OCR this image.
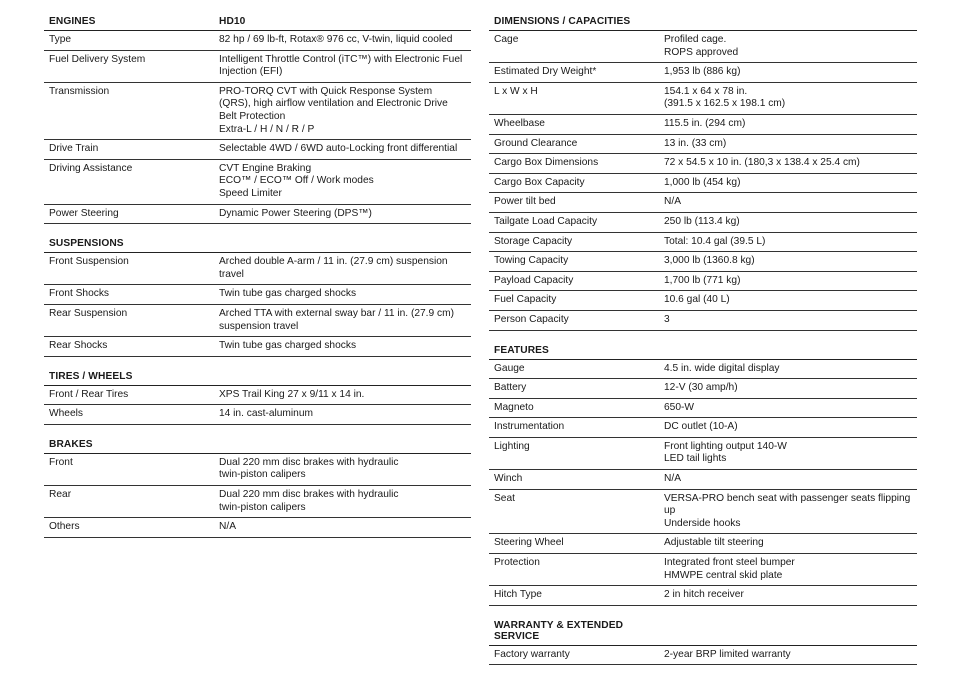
ENGINES	HD10
Type	82 hp / 69 lb-ft, Rotax® 976 cc, V-twin, liquid cooled
Fuel Delivery System	Intelligent Throttle Control (iTC™) with Electronic Fuel Injection (EFI)
Transmission	PRO-TORQ CVT with Quick Response System (QRS), high airflow ventilation and Electronic Drive Belt Protection
Extra-L / H / N / R / P
Drive Train	Selectable 4WD / 6WD auto-Locking front differential
Driving Assistance	CVT Engine Braking
ECO™ / ECO™ Off / Work modes
Speed Limiter
Power Steering	Dynamic Power Steering (DPS™)
SUSPENSIONS
Front Suspension	Arched double A-arm / 11 in. (27.9 cm) suspension travel
Front Shocks	Twin tube gas charged shocks
Rear Suspension	Arched TTA with external sway bar / 11 in. (27.9 cm) suspension travel
Rear Shocks	Twin tube gas charged shocks
TIRES / WHEELS
Front / Rear Tires	XPS Trail King 27 x 9/11 x 14 in.
Wheels	14 in. cast-aluminum
BRAKES
Front	Dual 220 mm disc brakes with hydraulic
twin-piston calipers
Rear	Dual 220 mm disc brakes with hydraulic
twin-piston calipers
Others	N/A
DIMENSIONS / CAPACITIES
Cage	Profiled cage.
ROPS approved
Estimated Dry Weight*	1,953 lb (886 kg)
L x W x H	154.1 x 64 x 78 in.
(391.5 x 162.5 x 198.1 cm)
Wheelbase	115.5 in. (294 cm)
Ground Clearance	13 in. (33 cm)
Cargo Box Dimensions	72 x 54.5 x 10 in. (180,3 x 138.4 x 25.4 cm)
Cargo Box Capacity	1,000 lb (454 kg)
Power tilt bed	N/A
Tailgate Load Capacity	250 lb (113.4 kg)
Storage Capacity	Total: 10.4 gal (39.5 L)
Towing Capacity	3,000 lb (1360.8 kg)
Payload Capacity	1,700 lb (771 kg)
Fuel Capacity	10.6 gal (40 L)
Person Capacity	3
FEATURES
Gauge	4.5 in. wide digital display
Battery	12-V (30 amp/h)
Magneto	650-W
Instrumentation	DC outlet (10-A)
Lighting	Front lighting output 140-W
LED tail lights
Winch	N/A
Seat	VERSA-PRO bench seat with passenger seats flipping up
Underside hooks
Steering Wheel	Adjustable tilt steering
Protection	Integrated front steel bumper
HMWPE central skid plate
Hitch Type	2 in hitch receiver
WARRANTY & EXTENDED SERVICE
Factory warranty	2-year BRP limited warranty
